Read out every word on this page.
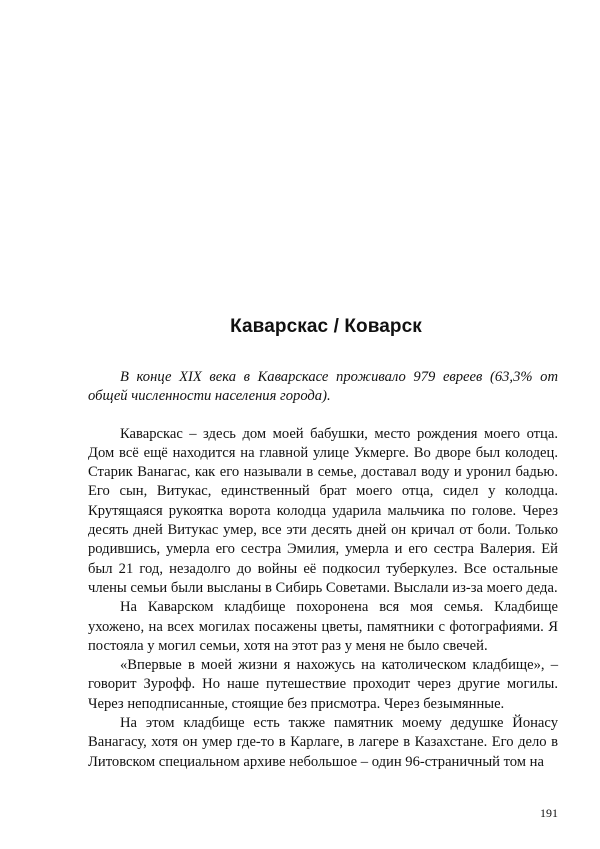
Каварскас / Коварск

В конце XIX века в Каварскасе проживало 979 евреев (63,3% от общей численности населения города).

Каварскас – здесь дом моей бабушки, место рождения моего отца. Дом всё ещё находится на главной улице Укмерге. Во дворе был колодец. Старик Ванагас, как его называли в семье, доставал воду и уронил бадью. Его сын, Витукас, единственный брат моего отца, сидел у колодца. Крутящаяся рукоятка ворота колодца ударила мальчика по голове. Через десять дней Витукас умер, все эти десять дней он кричал от боли. Только родившись, умерла его сестра Эмилия, умерла и его сестра Валерия. Ей был 21 год, незадолго до войны её подкосил туберкулез. Все остальные члены семьи были высланы в Сибирь Советами. Выслали из-за моего деда.

На Каварском кладбище похоронена вся моя семья. Кладбище ухожено, на всех могилах посажены цветы, памятники с фотографиями. Я постояла у могил семьи, хотя на этот раз у меня не было свечей.

«Впервые в моей жизни я нахожусь на католическом кладбище», – говорит Зурофф. Но наше путешествие проходит через другие могилы. Через неподписанные, стоящие без присмотра. Через безымянные.

На этом кладбище есть также памятник моему дедушке Йонасу Ванагасу, хотя он умер где-то в Карлаге, в лагере в Казахстане. Его дело в Литовском специальном архиве небольшое – один 96-страничный том на

191
